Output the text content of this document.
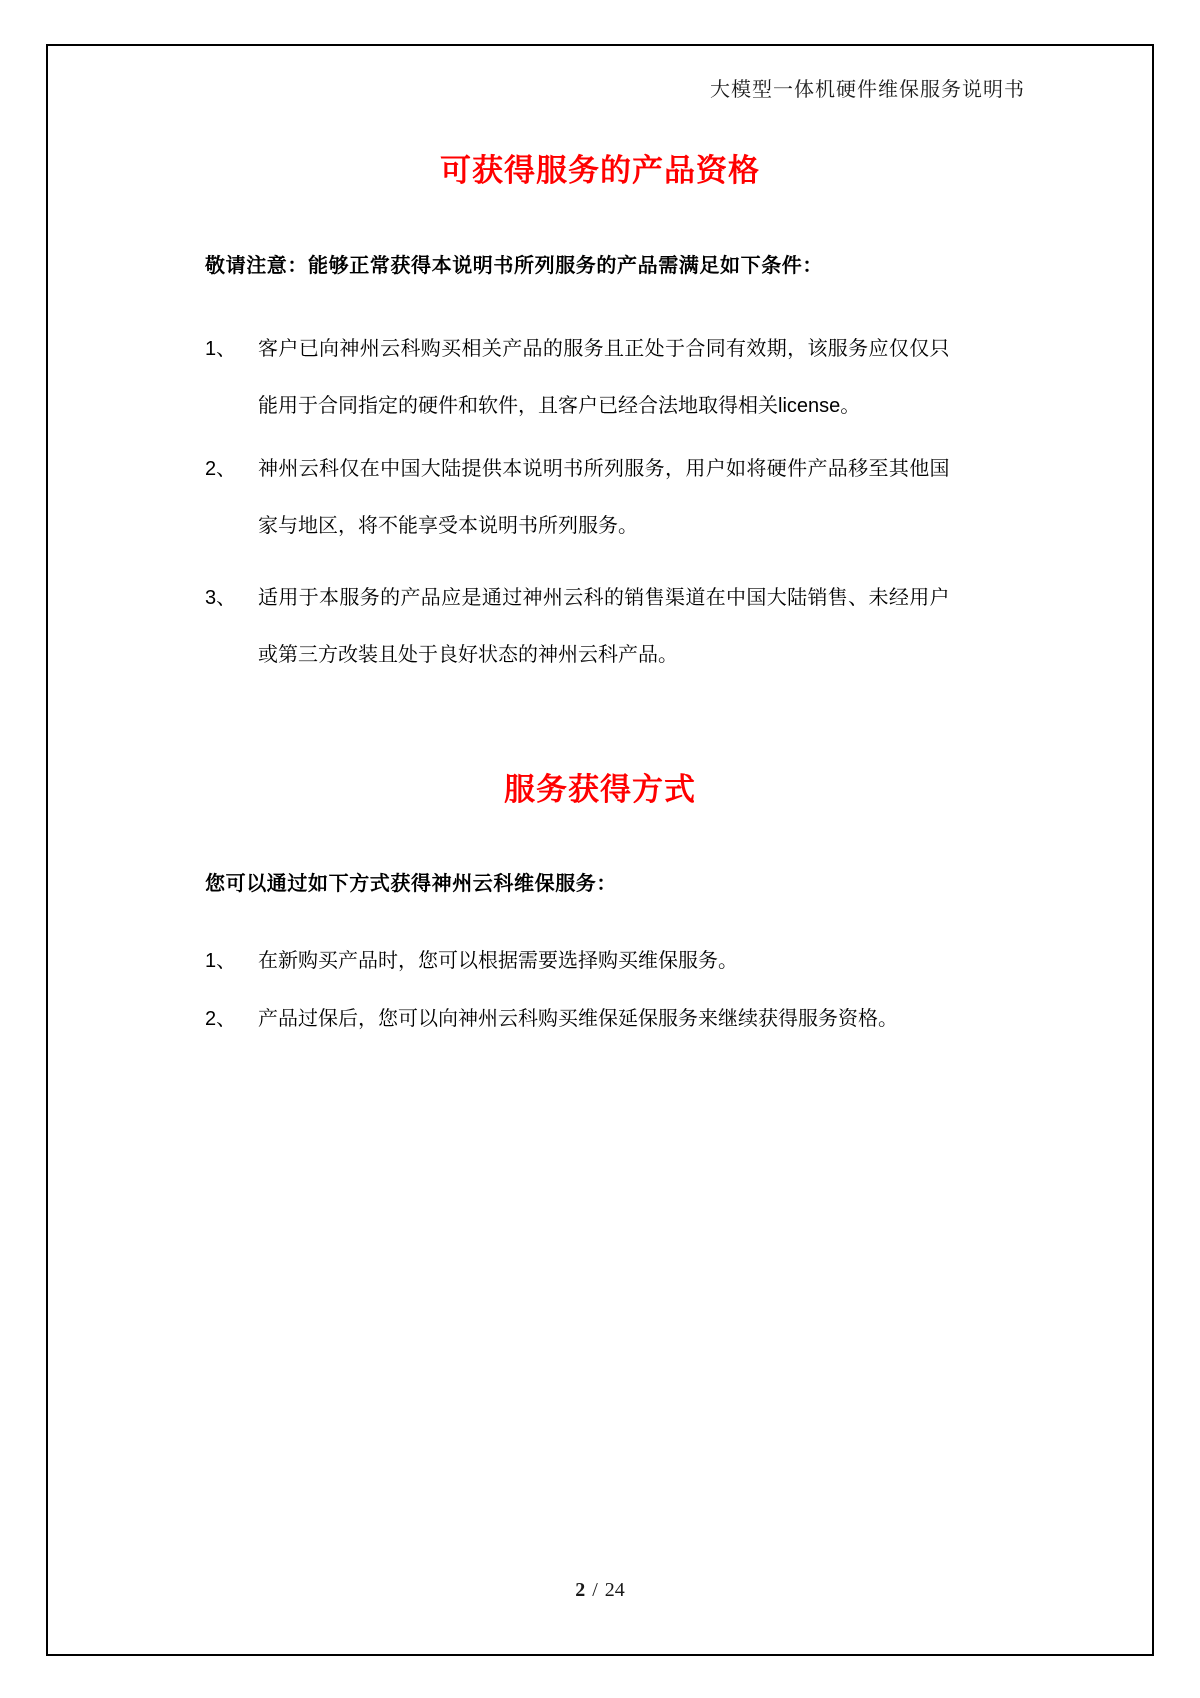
大模型一体机硬件维保服务说明书
可获得服务的产品资格

敬请注意：能够正常获得本说明书所列服务的产品需满足如下条件：

1、	客户已向神州云科购买相关产品的服务且正处于合同有效期，该服务应仅仅只
能用于合同指定的硬件和软件，且客户已经合法地取得相关license。
2、	神州云科仅在中国大陆提供本说明书所列服务，用户如将硬件产品移至其他国
家与地区，将不能享受本说明书所列服务。
3、	适用于本服务的产品应是通过神州云科的销售渠道在中国大陆销售、未经用户
或第三方改装且处于良好状态的神州云科产品。
服务获得方式

您可以通过如下方式获得神州云科维保服务：

1、	在新购买产品时，您可以根据需要选择购买维保服务。
2、	产品过保后，您可以向神州云科购买维保延保服务来继续获得服务资格。
2 / 24
